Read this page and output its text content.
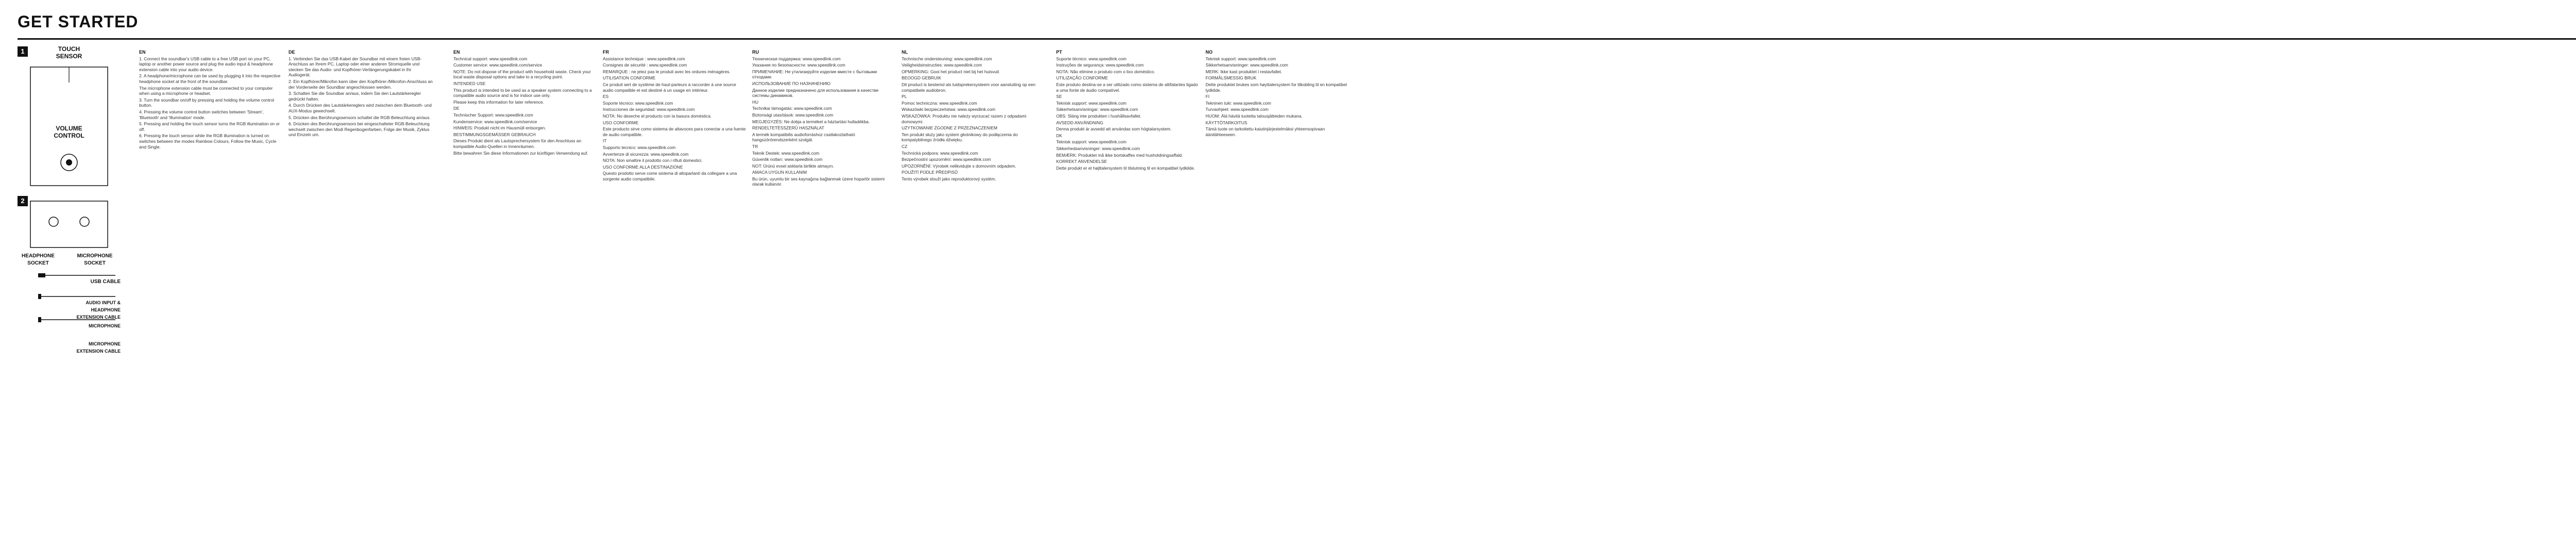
GET STARTED
1
2
TOUCH
SENSOR
VOLUME
CONTROL
HEADPHONE
SOCKET
MICROPHONE
SOCKET
USB CABLE
AUDIO INPUT &
HEADPHONE
EXTENSION CABLE
MICROPHONE
MICROPHONE
EXTENSION CABLE
EN

1. Connect the soundbar's USB cable to a free USB port on your PC, laptop or another power source and plug the audio input & headphone extension cable into your audio device.

2. A headphone/microphone can be used by plugging it into the respective headphone socket at the front of the soundbar.

The microphone extension cable must be connected to your computer when using a microphone or headset.

3. Turn the soundbar on/off by pressing and holding the volume control button.

4. Pressing the volume control button switches between 'Stream', 'Bluetooth' and 'Illumination' mode.

5. Pressing and holding the touch sensor turns the RGB illumination on or off.

6. Pressing the touch sensor while the RGB illumination is turned on switches between the modes Rainbow Colours, Follow the Music, Cycle and Single.

DE

1. Verbinden Sie das USB-Kabel der Soundbar mit einem freien USB-Anschluss an Ihrem PC, Laptop oder einer anderen Stromquelle und stecken Sie das Audio- und Kopfhörer-Verlängerungskabel in Ihr Audiogerät.

2. Ein Kopfhörer/Mikrofon kann über den Kopfhörer-/Mikrofon-Anschluss an der Vorderseite der Soundbar angeschlossen werden.

3. Schalten Sie die Soundbar an/aus, indem Sie den Lautstärkeregler gedrückt halten.

4. Durch Drücken des Lautstärkereglers wird zwischen dem Bluetooth- und AUX-Modus gewechselt.

5. Drücken des Berührungssensors schaltet die RGB-Beleuchtung an/aus.

6. Drücken des Berührungssensors bei eingeschalteter RGB-Beleuchtung wechselt zwischen den Modi Regenbogenfarben, Folge der Musik, Zyklus und Einzeln um.

EN

Technical support: www.speedlink.com

Customer service: www.speedlink.com/service

NOTE: Do not dispose of the product with household waste. Check your local waste disposal options and take to a recycling point.

INTENDED USE

This product is intended to be used as a speaker system connecting to a compatible audio source and is for indoor use only.

Please keep this information for later reference.

DE

Technischer Support: www.speedlink.com

Kundenservice: www.speedlink.com/service

HINWEIS: Produkt nicht im Hausmüll entsorgen.

BESTIMMUNGSGEMÄSSER GEBRAUCH

Dieses Produkt dient als Lautsprechersystem für den Anschluss an kompatible Audio-Quellen in Innenräumen.

Bitte bewahren Sie diese Informationen zur künftigen Verwendung auf.

FR

Assistance technique : www.speedlink.com

Consignes de sécurité : www.speedlink.com

REMARQUE : ne jetez pas le produit avec les ordures ménagères.

UTILISATION CONFORME

Ce produit sert de système de haut-parleurs à raccorder à une source audio compatible et est destiné à un usage en intérieur.

ES

Soporte técnico: www.speedlink.com

Instrucciones de seguridad: www.speedlink.com

NOTA: No deseche el producto con la basura doméstica.

USO CONFORME

Este producto sirve como sistema de altavoces para conectar a una fuente de audio compatible.

IT

Supporto tecnico: www.speedlink.com

Avvertenze di sicurezza: www.speedlink.com

NOTA: Non smaltire il prodotto con i rifiuti domestici.

USO CONFORME ALLA DESTINAZIONE

Questo prodotto serve come sistema di altoparlanti da collegare a una sorgente audio compatibile.

RU

Техническая поддержка: www.speedlink.com

Указания по безопасности: www.speedlink.com

ПРИМЕЧАНИЕ: Не утилизируйте изделие вместе с бытовыми отходами.

ИСПОЛЬЗОВАНИЕ ПО НАЗНАЧЕНИЮ

Данное изделие предназначено для использования в качестве системы динамиков.

HU

Technikai támogatás: www.speedlink.com

Biztonsági utasítások: www.speedlink.com

MEGJEGYZÉS: Ne dobja a terméket a háztartási hulladékba.

RENDELTETÉSSZERŰ HASZNÁLAT

A termék kompatibilis audioforráshoz csatlakoztatható hangszórórendszerként szolgál.

TR

Teknik Destek: www.speedlink.com

Güvenlik notları: www.speedlink.com

NOT: Ürünü evsel atıklarla birlikte atmayın.

AMACA UYGUN KULLANIM

Bu ürün, uyumlu bir ses kaynağına bağlanmak üzere hoparlör sistemi olarak kullanılır.

NL

Technische ondersteuning: www.speedlink.com

Veiligheidsinstructies: www.speedlink.com

OPMERKING: Gooi het product niet bij het huisvuil.

BEOOGD GEBRUIK

Dit product is bestemd als luidsprekersysteem voor aansluiting op een compatibele audiobron.

PL

Pomoc techniczna: www.speedlink.com

Wskazówki bezpieczeństwa: www.speedlink.com

WSKAZÓWKA: Produktu nie należy wyrzucać razem z odpadami domowymi.

UŻYTKOWANIE ZGODNE Z PRZEZNACZENIEM

Ten produkt służy jako system głośnikowy do podłączenia do kompatybilnego źródła dźwięku.

CZ

Technická podpora: www.speedlink.com

Bezpečnostní upozornění: www.speedlink.com

UPOZORNĚNÍ: Výrobek nelikvidujte s domovním odpadem.

POUŽITÍ PODLE PŘEDPISŮ

Tento výrobek slouží jako reproduktorový systém.

PT

Suporte técnico: www.speedlink.com

Instruções de segurança: www.speedlink.com

NOTA: Não elimine o produto com o lixo doméstico.

UTILIZAÇÃO CONFORME

Este produto destina-se a ser utilizado como sistema de altifalantes ligado a uma fonte de áudio compatível.

SE

Teknisk support: www.speedlink.com

Säkerhetsanvisningar: www.speedlink.com

OBS: Släng inte produkten i hushållsavfallet.

AVSEDD ANVÄNDNING

Denna produkt är avsedd att användas som högtalarsystem.

DK

Teknisk support: www.speedlink.com

Sikkerhedsanvisninger: www.speedlink.com

BEMÆRK: Produktet må ikke bortskaffes med husholdningsaffald.

KORREKT ANVENDELSE

Dette produkt er et højttalersystem til tilslutning til en kompatibel lydkilde.

NO

Teknisk support: www.speedlink.com

Sikkerhetsanvisninger: www.speedlink.com

MERK: Ikke kast produktet i restavfallet.

FORMÅLSMESSIG BRUK

Dette produktet brukes som høyttalersystem for tilkobling til en kompatibel lydkilde.

FI

Tekninen tuki: www.speedlink.com

Turvaohjeet: www.speedlink.com

HUOM: Älä hävitä tuotetta talousjätteiden mukana.

KÄYTTÖTARKOITUS

Tämä tuote on tarkoitettu kaiutinjärjestelmäksi yhteensopivaan äänilähteeseen.
